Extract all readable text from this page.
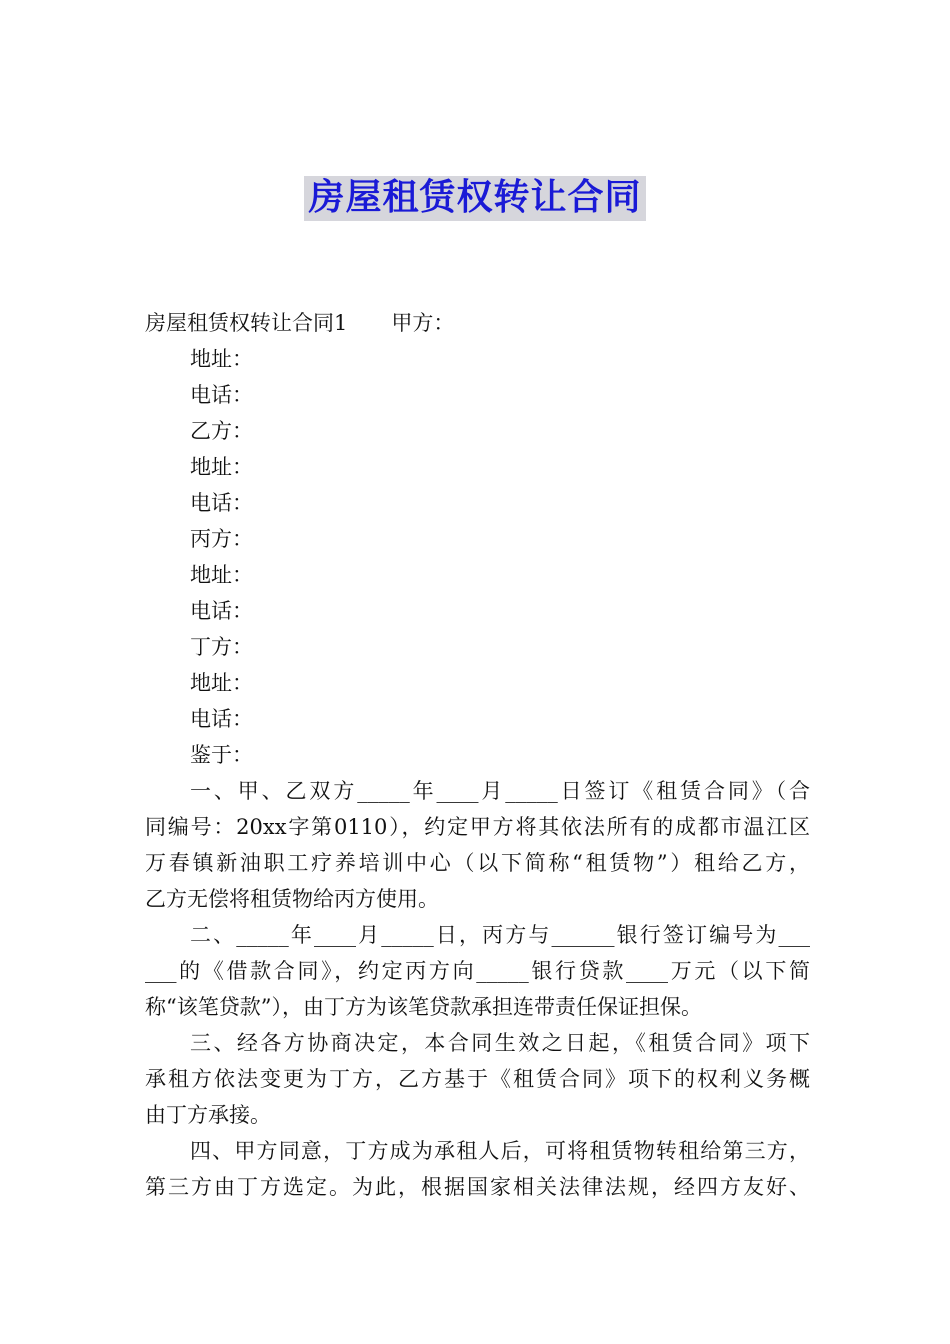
房屋租赁权转让合同

房屋租赁权转让合同1 甲方：

地址：

电话：

乙方：

地址：

电话：

丙方：

地址：

电话：

丁方：

地址：

电话：

鉴于：

一、甲、乙双方_____年____月_____日签订《租赁合同》（合

同编号：20xx字第0110），约定甲方将其依法所有的成都市温江区

万春镇新油职工疗养培训中心（以下简称“租赁物”）租给乙方，

乙方无偿将租赁物给丙方使用。

二、_____年____月_____日，丙方与______银行签订编号为___

___的《借款合同》，约定丙方向_____银行贷款____万元（以下简

称“该笔贷款”），由丁方为该笔贷款承担连带责任保证担保。

三、经各方协商决定，本合同生效之日起，《租赁合同》项下

承租方依法变更为丁方，乙方基于《租赁合同》项下的权利义务概

由丁方承接。

四、甲方同意，丁方成为承租人后，可将租赁物转租给第三方，

第三方由丁方选定。为此，根据国家相关法律法规，经四方友好、
